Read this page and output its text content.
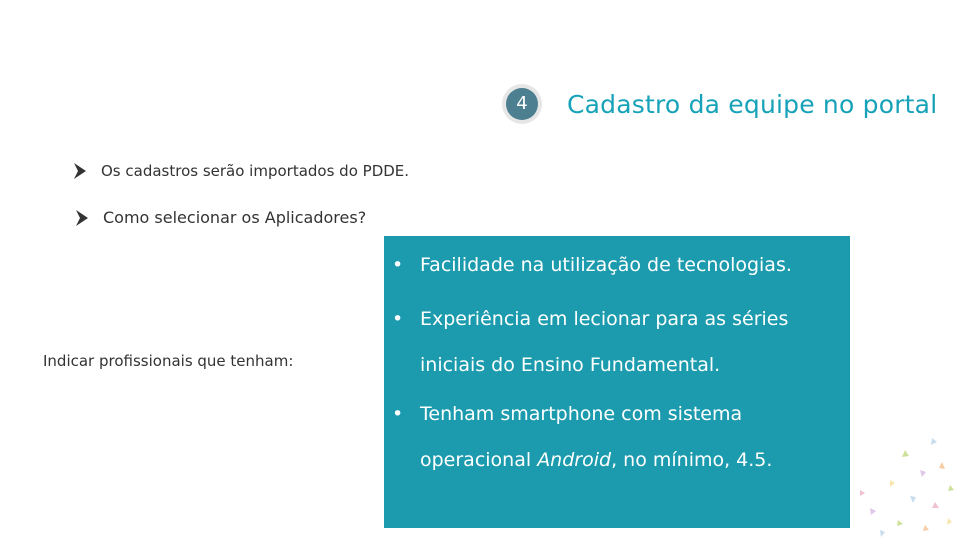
4	Cadastro da equipe no portal
Os cadastros serão importados do PDDE.
Como selecionar os Aplicadores?
Indicar profissionais que tenham:
• Facilidade na utilização de tecnologias.
• Experiência em lecionar para as séries
iniciais do Ensino Fundamental.
• Tenham smartphone com sistema
operacional Android, no mínimo, 4.5.
